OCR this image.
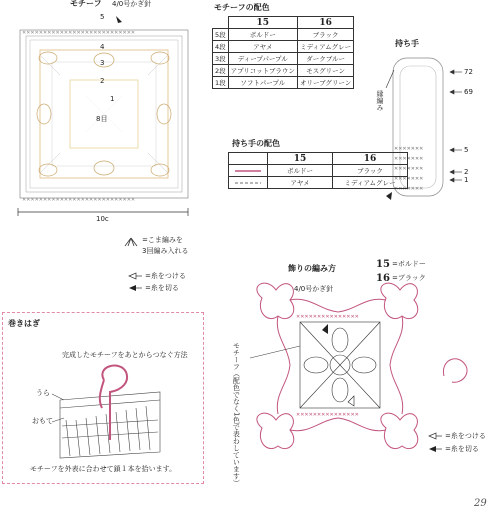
モチーフ 4/0号かぎ針
✕✕✕✕✕✕✕✕✕✕✕✕✕✕✕✕✕✕✕✕✕✕✕✕✕✕✕
✕✕✕✕✕✕✕✕✕✕✕✕✕✕✕✕✕✕✕✕✕✕✕✕✕✕✕
5
4
3
2
1
8目
10c
モチーフの配色
	15	16
5段	ボルドー	ブラック
4段	アヤメ	ミディアムグレー
3段	ディープパープル	ダークブルー
2段	アプリコットブラウン	モスグリーン
1段	ソフトパープル	オリーブグリーン
持ち手
✕✕✕✕✕✕✕
✕✕✕✕✕✕✕
✕✕✕✕✕✕✕
✕✕✕✕✕✕✕
✕✕✕✕✕✕✕
縁編み
72
69
5
2
1
持ち手の配色
	15	16
	ボルドー	ブラック
	アヤメ	ミディアムグレー
=こま編みを
3回編み入れる
=糸をつける
=糸を切る
飾りの編み方
4/0号かぎ針
15 =ボルドー
16 =ブラック
✕✕✕✕✕✕✕✕✕✕✕✕✕✕✕
✕✕✕✕✕✕✕✕✕✕✕✕✕✕✕
モチーフ（配色でなく1色で表わしています）	=糸をつける
=糸を切る
巻きはぎ
完成したモチーフをあとからつなぐ方法
うら
おもて
モチーフを外表に合わせて鎖１本を拾います。
29
